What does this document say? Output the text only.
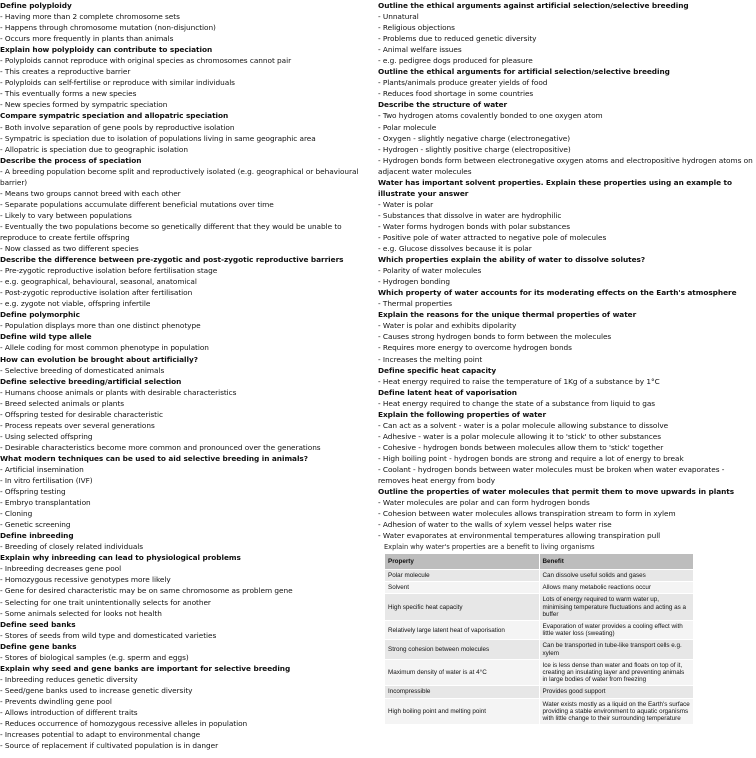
Define polyploidy
- Having more than 2 complete chromosome sets
- Happens through chromosome mutation (non-disjunction)
- Occurs more frequently in plants than animals
Explain how polyploidy can contribute to speciation
- Polyploids cannot reproduce with original species as chromosomes cannot pair
- This creates a reproductive barrier
- Polyploids can self-fertilise or reproduce with similar individuals
- This eventually forms a new species
- New species formed by sympatric speciation
Compare sympatric speciation and allopatric speciation
- Both involve separation of gene pools by reproductive isolation
- Sympatric is speciation due to isolation of populations living in same geographic area
- Allopatric is speciation due to geographic isolation
Describe the process of speciation
- A breeding population become split and reproductively isolated (e.g. geographical or behavioural barrier)
- Means two groups cannot breed with each other
- Separate populations accumulate different beneficial mutations over time
- Likely to vary between populations
- Eventually the two populations become so genetically different that they would be unable to
reproduce to create fertile offspring
- Now classed as two different species
Describe the difference between pre-zygotic and post-zygotic reproductive barriers
- Pre-zygotic reproductive isolation before fertilisation stage
- e.g. geographical, behavioural, seasonal, anatomical
- Post-zygotic reproductive isolation after fertilisation
- e.g. zygote not viable, offspring infertile
Define polymorphic
- Population displays more than one distinct phenotype
Define wild type allele
- Allele coding for most common phenotype in population
How can evolution be brought about artificially?
- Selective breeding of domesticated animals
Define selective breeding/artificial selection
- Humans choose animals or plants with desirable characteristics
- Breed selected animals or plants
- Offspring tested for desirable characteristic
- Process repeats over several generations
- Using selected offspring
- Desirable characteristics become more common and pronounced over the generations
What modern techniques can be used to aid selective breeding in animals?
- Artificial insemination
- In vitro fertilisation (IVF)
- Offspring testing
- Embryo transplantation
- Cloning
- Genetic screening
Define inbreeding
- Breeding of closely related individuals
Explain why inbreeding can lead to physiological problems
- Inbreeding decreases gene pool
- Homozygous recessive genotypes more likely
- Gene for desired characteristic may be on same chromosome as problem gene
- Selecting for one trait unintentionally selects for another
- Some animals selected for looks not health
Define seed banks
- Stores of seeds from wild type and domesticated varieties
Define gene banks
- Stores of biological samples (e.g. sperm and eggs)
Explain why seed and gene banks are important for selective breeding
- Inbreeding reduces genetic diversity
- Seed/gene banks used to increase genetic diversity
- Prevents dwindling gene pool
- Allows introduction of different traits
- Reduces occurrence of homozygous recessive alleles in population
- Increases potential to adapt to environmental change
- Source of replacement if cultivated population is in danger
Outline the ethical arguments against artificial selection/selective breeding
- Unnatural
- Religious objections
- Problems due to reduced genetic diversity
- Animal welfare issues
- e.g. pedigree dogs produced for pleasure
Outline the ethical arguments for artificial selection/selective breeding
- Plants/animals produce greater yields of food
- Reduces food shortage in some countries
Describe the structure of water
- Two hydrogen atoms covalently bonded to one oxygen atom
- Polar molecule
- Oxygen - slightly negative charge (electronegative)
- Hydrogen - slightly positive charge (electropositive)
- Hydrogen bonds form between electronegative oxygen atoms and electropositive hydrogen atoms on adjacent water molecules
Water has important solvent properties. Explain these properties using an example to illustrate your answer
- Water is polar
- Substances that dissolve in water are hydrophilic
- Water forms hydrogen bonds with polar substances
- Positive pole of water attracted to negative pole of molecules
- e.g. Glucose dissolves because it is polar
Which properties explain the ability of water to dissolve solutes?
- Polarity of water molecules
- Hydrogen bonding
Which property of water accounts for its moderating effects on the Earth's atmosphere
- Thermal properties
Explain the reasons for the unique thermal properties of water
- Water is polar and exhibits dipolarity
- Causes strong hydrogen bonds to form between the molecules
- Requires more energy to overcome hydrogen bonds
- Increases the melting point
Define specific heat capacity
- Heat energy required to raise the temperature of 1Kg of a substance by 1°C
Define latent heat of vaporisation
- Heat energy required to change the state of a substance from liquid to gas
Explain the following properties of water
- Can act as a solvent - water is a polar molecule allowing substance to dissolve
- Adhesive - water is a polar molecule allowing it to 'stick' to other substances
- Cohesive - hydrogen bonds between molecules allow them to 'stick' together
- High boiling point - hydrogen bonds are strong and require a lot of energy to break
- Coolant - hydrogen bonds between water molecules must be broken when water evaporates - removes heat energy from body
Outline the properties of water molecules that permit them to move upwards in plants
- Water molecules are polar and can form hydrogen bonds
- Cohesion between water molecules allows transpiration stream to form in xylem
- Adhesion of water to the walls of xylem vessel helps water rise
- Water evaporates at environmental temperatures allowing transpiration pull
Explain why water's properties are a benefit to living organisms
Property	Benefit
Polar molecule	Can dissolve useful solids and gases
Solvent	Allows many metabolic reactions occur
High specific heat capacity	Lots of energy required to warm water up, minimising temperature fluctuations and acting as a buffer
Relatively large latent heat of vaporisation	Evaporation of water provides a cooling effect with little water loss (sweating)
Strong cohesion between molecules	Can be transported in tube-like transport cells e.g. xylem
Maximum density of water is at 4°C	Ice is less dense than water and floats on top of it, creating an insulating layer and preventing animals in large bodies of water from freezing
Incompressible	Provides good support
High boiling point and melting point	Water exists mostly as a liquid on the Earth's surface providing a stable environment to aquatic organisms with little change to their surrounding temperature
